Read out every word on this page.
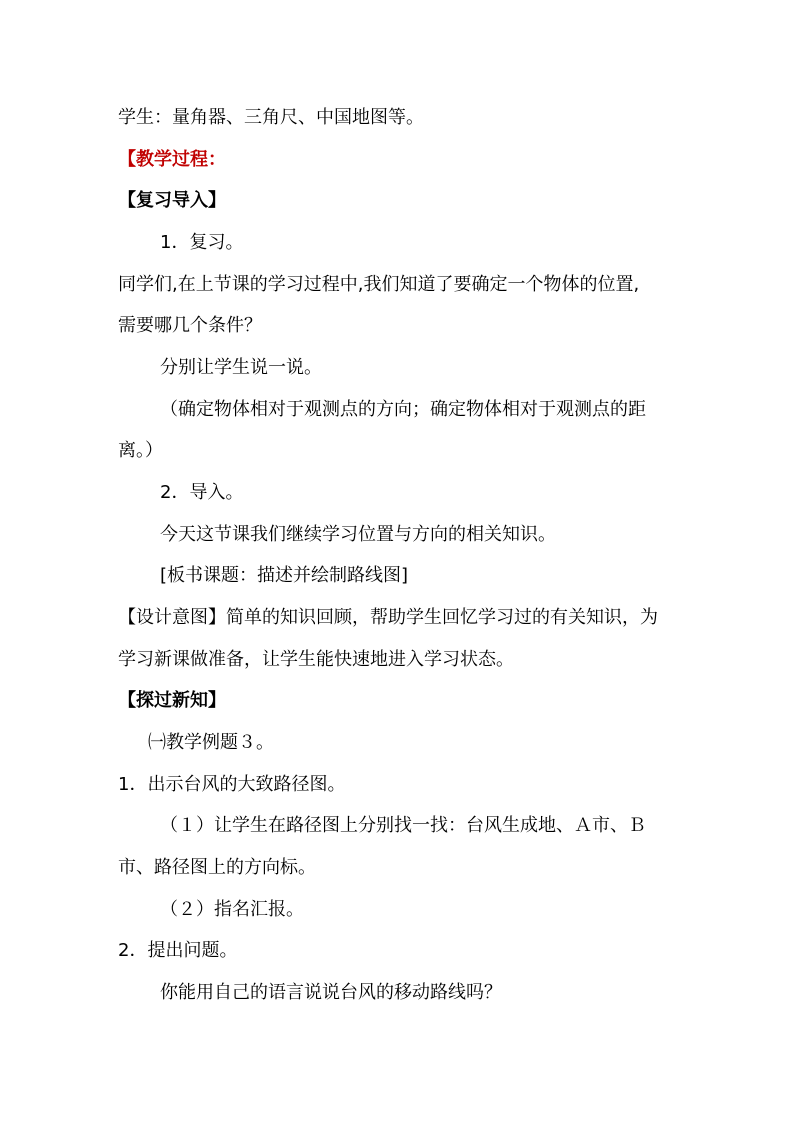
学生：量角器、三角尺、中国地图等。
【教学过程：
【复习导入】
1．复习。
同学们,在上节课的学习过程中,我们知道了要确定一个物体的位置,
需要哪几个条件？
分别让学生说一说。
（确定物体相对于观测点的方向；确定物体相对于观测点的距
离。）
2．导入。
今天这节课我们继续学习位置与方向的相关知识。
[板书课题：描述并绘制路线图]
【设计意图】简单的知识回顾，帮助学生回忆学习过的有关知识，为
学习新课做准备，让学生能快速地进入学习状态。
【探过新知】
㈠教学例题３。
1．出示台风的大致路径图。
（１）让学生在路径图上分别找一找：台风生成地、Ａ市、Ｂ
市、路径图上的方向标。
（２）指名汇报。
2．提出问题。
你能用自己的语言说说台风的移动路线吗？
